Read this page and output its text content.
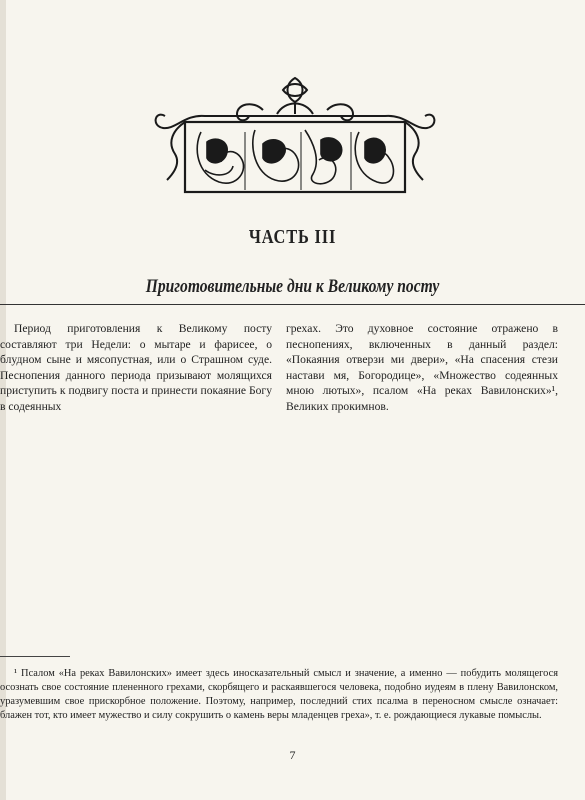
ЧАСТЬ III
Приготовительные дни к Великому посту

Период приготовления к Великому посту составляют три Недели: о мытаре и фарисее, о блудном сыне и мясопустная, или о Страшном суде. Песнопения данного периода призывают молящихся приступить к подвигу поста и принести покаяние Богу в содеянных

грехах. Это духовное состояние отражено в песнопениях, включенных в данный раздел: «Покаяния отверзи ми двери», «На спасения стези настави мя, Богородице», «Множество содеянных мною лютых», псалом «На реках Вавилонских»¹, Великих прокимнов.

¹ Псалом «На реках Вавилонских» имеет здесь иносказательный смысл и значение, а именно — побудить молящегося осознать свое состояние плененного грехами, скорбящего и раскаявшегося человека, подобно иудеям в плену Вавилонском, уразумевшим свое прискорбное положение. Поэтому, например, последний стих псалма в переносном смысле означает: блажен тот, кто имеет мужество и силу сокрушить о камень веры младенцев греха», т. е. рождающиеся лукавые помыслы.

7
